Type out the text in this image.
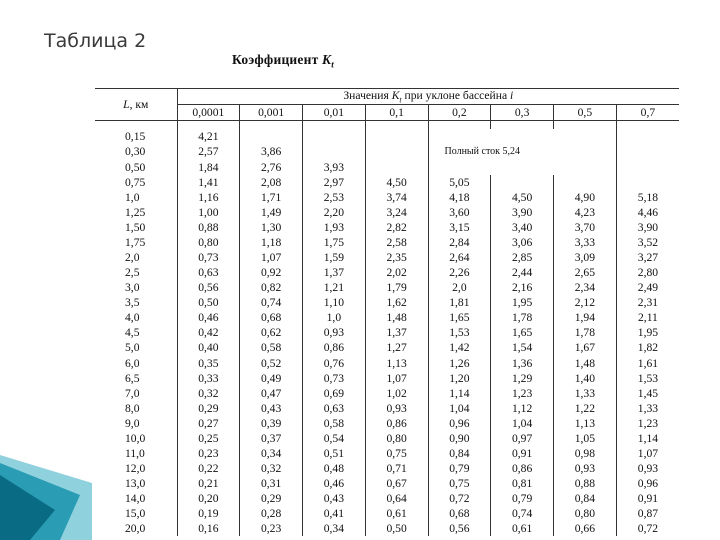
Таблица 2
Коэффициент $K_t$
L, км	Значения $K_t$ при уклоне бассейна i							
	0,0001	0,001	0,01	0,1	0,2	0,3	0,5	0,7

0,15	4,21				Полный сток 5,24			
0,30	2,57	3,86						
0,50	1,84	2,76	3,93					
0,75	1,41	2,08	2,97	4,50	5,05			
1,0	1,16	1,71	2,53	3,74	4,18	4,50	4,90	5,18
1,25	1,00	1,49	2,20	3,24	3,60	3,90	4,23	4,46
1,50	0,88	1,30	1,93	2,82	3,15	3,40	3,70	3,90
1,75	0,80	1,18	1,75	2,58	2,84	3,06	3,33	3,52
2,0	0,73	1,07	1,59	2,35	2,64	2,85	3,09	3,27
2,5	0,63	0,92	1,37	2,02	2,26	2,44	2,65	2,80
3,0	0,56	0,82	1,21	1,79	2,0	2,16	2,34	2,49
3,5	0,50	0,74	1,10	1,62	1,81	1,95	2,12	2,31
4,0	0,46	0,68	1,0	1,48	1,65	1,78	1,94	2,11
4,5	0,42	0,62	0,93	1,37	1,53	1,65	1,78	1,95
5,0	0,40	0,58	0,86	1,27	1,42	1,54	1,67	1,82
6,0	0,35	0,52	0,76	1,13	1,26	1,36	1,48	1,61
6,5	0,33	0,49	0,73	1,07	1,20	1,29	1,40	1,53
7,0	0,32	0,47	0,69	1,02	1,14	1,23	1,33	1,45
8,0	0,29	0,43	0,63	0,93	1,04	1,12	1,22	1,33
9,0	0,27	0,39	0,58	0,86	0,96	1,04	1,13	1,23
10,0	0,25	0,37	0,54	0,80	0,90	0,97	1,05	1,14
11,0	0,23	0,34	0,51	0,75	0,84	0,91	0,98	1,07
12,0	0,22	0,32	0,48	0,71	0,79	0,86	0,93	0,93
13,0	0,21	0,31	0,46	0,67	0,75	0,81	0,88	0,96
14,0	0,20	0,29	0,43	0,64	0,72	0,79	0,84	0,91
15,0	0,19	0,28	0,41	0,61	0,68	0,74	0,80	0,87
20,0	0,16	0,23	0,34	0,50	0,56	0,61	0,66	0,72
